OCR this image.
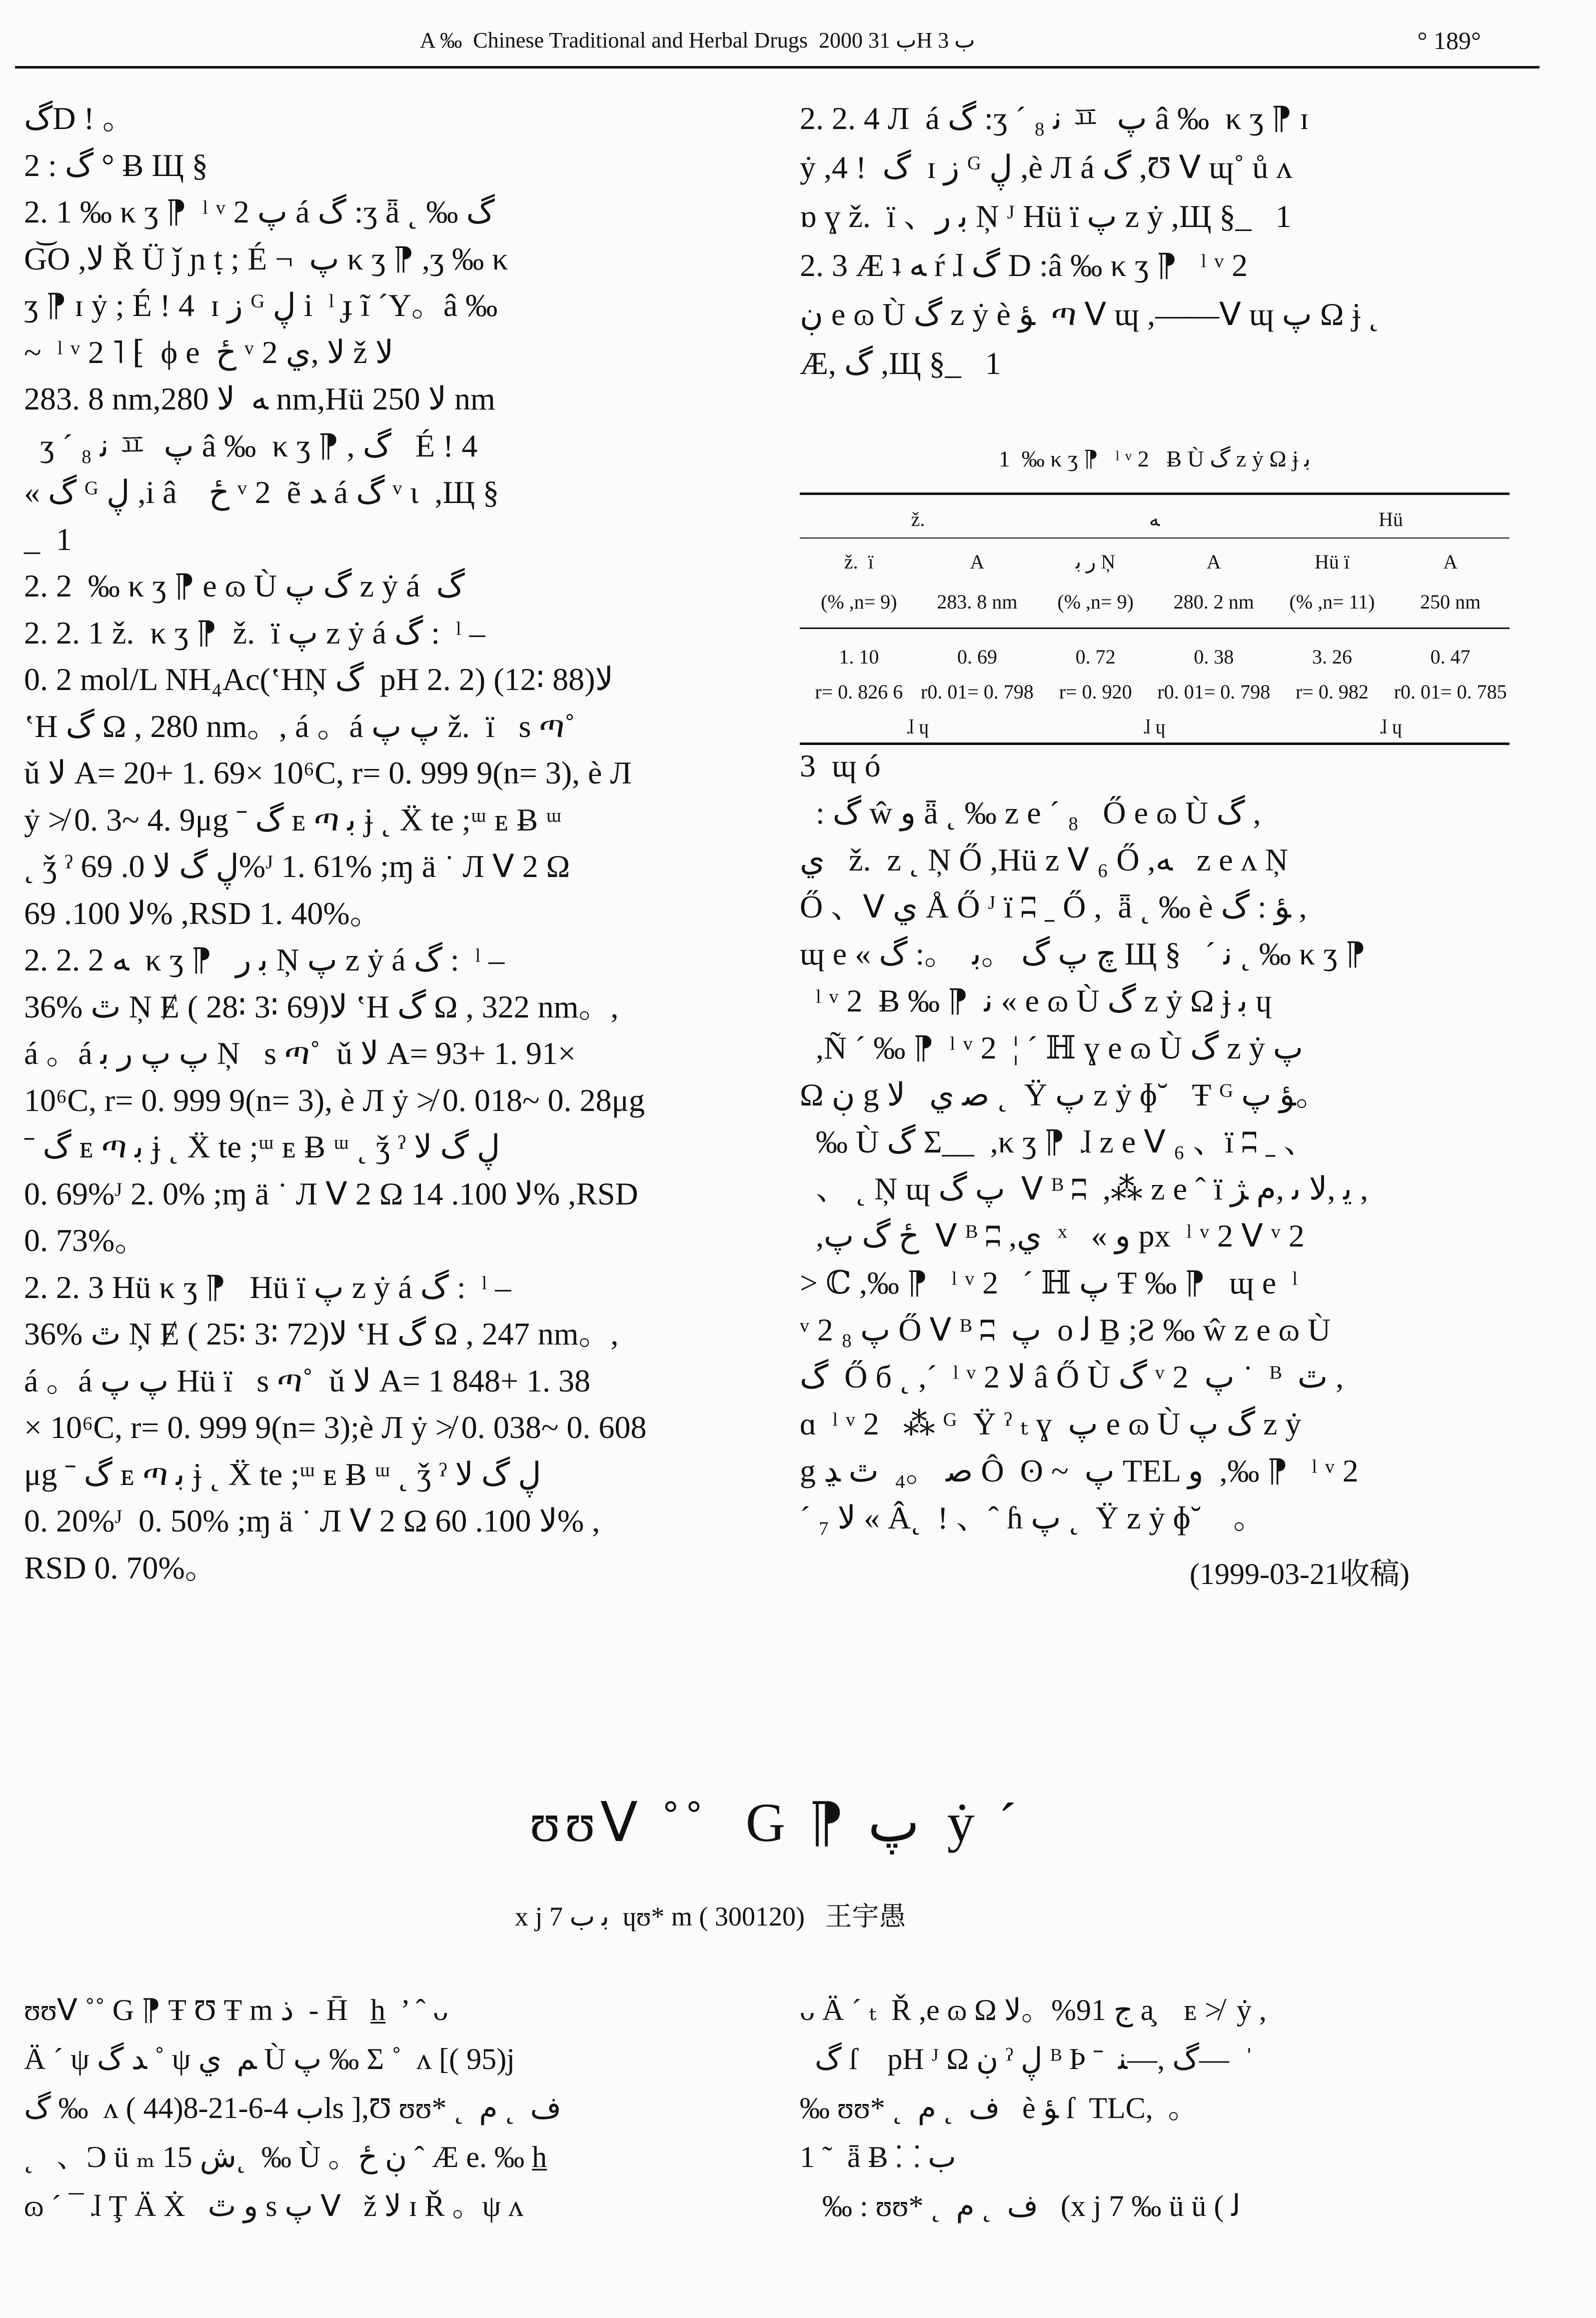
A ‰  Chinese Traditional and Herbal Drugs  2000 ب 31H ب 3	° 189°
گD ! 。
2 : گ ° Ƀ Щ §
2. 1 ‰ κ ʒ ⁋  ˡ ᵛ 2 پ á گ :ʒ ǟ ˛ ‰ گ
G͝O ,ﻻ Ř Ü ǰ ɲ ṭ ; É ¬  پ κ ʒ ⁋ ,ʒ ‰ κ
ʒ ⁋ ɪ ẏ ; É ! 4  ɪ ز ᴳ ڸ i  ˡ ɟ ĩ ´Y。â ‰
~  ˡ ᵛ 2 ˥ ⁅  ϕ e  ځ ᵛ 2 ﻻ ,ﻱ ž ﻻ
283. 8 nm,ﻪ  ﻻ 280 nm,Hü ﻻ 250 nm
ʒ ´ ₈ ﻧ ㅍ  پ â ‰  κ ʒ ⁋ , گ   É ! 4
« گ ᴳ ڸ ,i â    ځ ᵛ 2  ẽ ﺪ á گ ᵛ ι  ,Щ §
_  1
2. 2  ‰ κ ʒ ⁋ e ɷ Ù گ پ z ẏ á  گ
2. 2. 1 ž.  κ ʒ ⁋  ž.  ï پ z ẏ á گ :  ˡ –
0. 2 mol/L NH₄Ac(ʽHŅ گ  pH 2. 2) (12∶ 88)ﻻ
ʽH گ Ω , 280 nm。, á 。á پ پ ž.  ï   s ጣ˚
ǔ ﻻ A= 20+ 1. 69× 10⁶C, r= 0. 999 9(n= 3), è Л
ẏ ≯ 0. 3~ 4. 9μg ˉ گ ᴇ ጣ ﺑ ɉ ˛ Ẍ te ;ᵚ ᴇ Ƀ ᵚ
˛ ǯ ˀ ڸ گ ﻻ 0. 69%ᴶ 1. 61% ;ɱ ä ˙ Л ᐯ 2 Ω
ﻻ 100. 69% ,RSD 1. 40%。
2. 2. 2 ﻪ  κ ʒ ⁋   ﺑ ﺭ Ņ پ z ẏ á گ :  ˡ –
36% ٿ Ņ Ɇ ( 28∶ 3∶ 69)ﻻ ʽH گ Ω , 322 nm。,
á 。á پ پ ﺭ ﺑ Ņ   s ጣ˚  ǔ ﻻ A= 93+ 1. 91×
10⁶C, r= 0. 999 9(n= 3), è Л ẏ ≯ 0. 018~ 0. 28μg
ˉ گ ᴇ ጣ ﺑ ɉ ˛ Ẍ te ;ᵚ ᴇ Ƀ ᵚ ˛ ǯ ˀ ڸ گ ﻻ
0. 69%ᴶ 2. 0% ;ɱ ä ˙ Л ᐯ 2 Ω ﻻ 100. 14% ,RSD
0. 73%。
2. 2. 3 Hü κ ʒ ⁋   Hü ï پ z ẏ á گ :  ˡ –
36% ٿ Ņ Ɇ ( 25∶ 3∶ 72)ﻻ ʽH گ Ω , 247 nm。,
á 。á پ پ Hü ï   s ጣ˚  ǔ ﻻ A= 1 848+ 1. 38
× 10⁶C, r= 0. 999 9(n= 3);è Л ẏ ≯ 0. 038~ 0. 608
μg ˉ گ ᴇ ጣ ﺑ ɉ ˛ Ẍ te ;ᵚ ᴇ Ƀ ᵚ ˛ ǯ ˀ ڸ گ ﻻ
0. 20%ᴶ  0. 50% ;ɱ ä ˙ Л ᐯ 2 Ω ﻻ 100. 60% ,
RSD 0. 70%。
2. 2. 4 Л  á گ :ʒ ´ ₈ ﻧ ㅍ  پ â ‰  κ ʒ ⁋ ɪ
ẏ ,گ  ! 4  ɪ ز ᴳ ڸ ,è Л á گ ,Ʊ ᐯ ɰ˚ ů ʌ
ɒ ɣ ž.  ï 、ﺑ ﺭ Ņ ᴶ Hü ï پ z ẏ ,Щ §_   1
2. 3 Æ ʇ ﻪ ŕ ɺ گ D :â ‰ κ ʒ ⁋   ˡ ᵛ 2
ڹ e ɷ Ù گ z ẏ è ﺆ  ጣ ᐯ ɰ ,——ᐯ ɰ پ Ω ɉ ˛
Æ, گ ,Щ §_   1
1  ‰ κ ʒ ⁋   ˡ ᵛ 2   Ƀ Ù گ z ẏ Ω ɉ ﺑ
ž.	ﻪ	Hü
ž.  ï	A	ﺭ ﺑ Ņ	A	Hü ï	A
(% ,n= 9)	283. 8 nm	(% ,n= 9)	280. 2 nm	(% ,n= 11)	250 nm
1. 10	0. 69	0. 72	0. 38	3. 26	0. 47
r= 0. 826 6 r0. 01= 0. 798	r= 0. 920	r0. 01= 0. 798	r= 0. 982	r0. 01= 0. 785
ɺ ɥ	ɺ ɥ	ɺ ɥ
3  ɰ ó
: گ ŵ ﻭ ǟ ˛ ‰ z e ´ ₈   Ő e ɷ Ù گ ,
ﻱ   ž.  z ˛ Ņ Ő ,Hü z ᐯ ₆ Ő ,ﻪ   z e ʌ Ņ
Ő 、ᐯ ﻱ Å Ő ᴶ ï ʭ ˍ Ő ,  ǟ ˛ ‰ è ﺆ : گ ,
ɰ e « چ پ گ 。ﺑ  。: گ Щ §   ´ ﻧ ˛ ‰ κ ʒ ⁋
ˡ ᵛ 2  Ƀ ‰ ⁋  ﻧ « e ɷ Ù گ z ẏ Ω ɉ ﺑ ɥ
,Ñ ´ ‰ ⁋  ˡ ᵛ 2  ¦ ˊ ℍ ɣ e ɷ Ù گ z ẏ پ
Ω ڹ g ﺻ ﻱ   ﻻ ˛  Ÿ پ z ẏ ɸ˘   Ŧ ᴳ ﺆ پ。
‰ Ù گ Σ__  ,κ ʒ ⁋  ɺ z e ᐯ ₆ 、ï ʭ ˍ 、
、 ˛ Ņ ɰ پ گ  ᐯ ᴮ ʭ  ,⁂ z e ˆ ï ﯾ ,ﻻ ﯨ ,ﻡ ﮋ ,
,ځ گ پ  ᐯ ᴮ ʭ ,ﻱ  ˣ   « ﻭ px  ˡ ᵛ 2 ᐯ ᵛ 2
> ℂ ,‰ ⁋   ˡ ᵛ 2   ˊ ℍ پ Ŧ ‰ ⁋   ɰ e  ˡ
ᵛ 2 پ ₈ Ő ᐯ ᴮ ʭ  پ  o ﻟ Ḇ ;Ƨ ‰ ŵ z e ɷ Ù
گ  Ő б ˛ ,ˊ  ˡ ᵛ 2 ﻻ â Ő Ù گ ᵛ 2  پ ˙  ᴮ  ٿ ,
ɑ  ˡ ᵛ 2   ⁂ ᴳ  Ÿ ˀ ₜ ɣ  پ e ɷ Ù گ پ z ẏ
g ﺻ 。₄  ٿ ﮃ Ô  ʘ ~  پ TEL ﻭ  ,‰ ⁋   ˡ ᵛ 2
ˊ ₇ ﻻ « Â˛  ! 、ˆ ɦ پ ˛  Ÿ z ẏ ɸ˘    。
(1999-03-21收稿)
ʊʊᐯ ˚˚  G ⁋ پ  ẏ ˊ
x j 7 ﺑ ب  ɥʊ* m ( 300120)   王宇愚
ʊʊᐯ ˚˚ G ⁋ Ŧ Ʊ Ŧ m ﺫ  - H̄   h̲  ’ ˆ ᴗ
Ä ˊ ψ ﺪ گ ˚ ψ ﻢ  ﻱ Ù پ ‰ Σ ˚  ʌ [( 95)j
گ ‰  ʌ ( 44)ب 4-6-21-8ls ],Ʊ ʊʊ* ˛  ﻑ  ˛ ﻡ
˛   、Ɔ ü ₘ ﺵ 15˛  ‰ Ù 。ڹ ځ ˆ Æ e. ‰ h̲
ɷ ´ ¯ ɺ Ţ Ä Ẋ   ﻭ ٿ s پ ᐯ   ž ﻻ ɪ Ř 。ψ ʌ
ᴗ Ä ˊ ₜ  Ř ,e ɷ Ω ﺝ 91%。ﻻ a̧    ᴇ ≯  ẏ ,
گ ſ    pH ᴶ Ω ڹ ˀ ڸ ᴮ Ϸ ˉ  گ ,—ﻨ—  ˈ
‰ ʊʊ* ˛  ﻑ  ˛ ﻡ   è ﺆ ſ  TLC,  。
1 ˜  ǟ Ƀ ⸬ ب
‰ : ʊʊ* ˛  ﻑ  ˛ ﻡ   (x j 7 ‰ ü ü ( ﻟ
